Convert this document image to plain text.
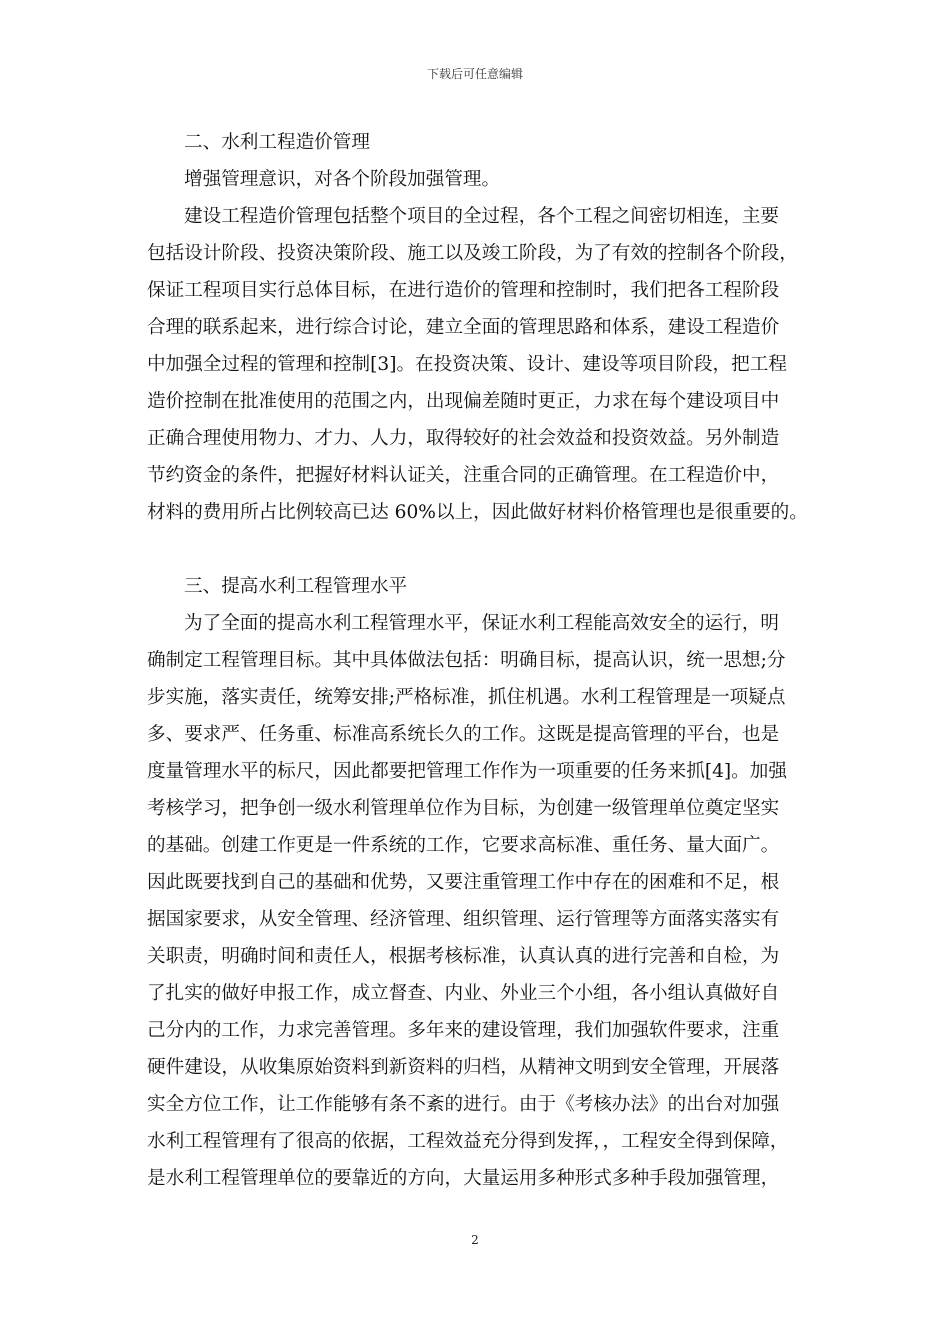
下载后可任意编辑
二、水利工程造价管理
增强管理意识，对各个阶段加强管理。
建设工程造价管理包括整个项目的全过程，各个工程之间密切相连，主要
包括设计阶段、投资决策阶段、施工以及竣工阶段，为了有效的控制各个阶段，
保证工程项目实行总体目标，在进行造价的管理和控制时，我们把各工程阶段
合理的联系起来，进行综合讨论，建立全面的管理思路和体系，建设工程造价
中加强全过程的管理和控制[3]。在投资决策、设计、建设等项目阶段，把工程
造价控制在批准使用的范围之内，出现偏差随时更正，力求在每个建设项目中
正确合理使用物力、才力、人力，取得较好的社会效益和投资效益。另外制造
节约资金的条件，把握好材料认证关，注重合同的正确管理。在工程造价中，
材料的费用所占比例较高已达 60%以上，因此做好材料价格管理也是很重要的。
三、提高水利工程管理水平
为了全面的提高水利工程管理水平，保证水利工程能高效安全的运行，明
确制定工程管理目标。其中具体做法包括：明确目标，提高认识，统一思想;分
步实施，落实责任，统筹安排;严格标准，抓住机遇。水利工程管理是一项疑点
多、要求严、任务重、标准高系统长久的工作。这既是提高管理的平台，也是
度量管理水平的标尺，因此都要把管理工作作为一项重要的任务来抓[4]。加强
考核学习，把争创一级水利管理单位作为目标，为创建一级管理单位奠定坚实
的基础。创建工作更是一件系统的工作，它要求高标准、重任务、量大面广。
因此既要找到自己的基础和优势，又要注重管理工作中存在的困难和不足，根
据国家要求，从安全管理、经济管理、组织管理、运行管理等方面落实落实有
关职责，明确时间和责任人，根据考核标准，认真认真的进行完善和自检，为
了扎实的做好申报工作，成立督查、内业、外业三个小组，各小组认真做好自
己分内的工作，力求完善管理。多年来的建设管理，我们加强软件要求，注重
硬件建设，从收集原始资料到新资料的归档，从精神文明到安全管理，开展落
实全方位工作，让工作能够有条不紊的进行。由于《考核办法》的出台对加强
水利工程管理有了很高的依据，工程效益充分得到发挥，，工程安全得到保障，
是水利工程管理单位的要靠近的方向，大量运用多种形式多种手段加强管理，
2
